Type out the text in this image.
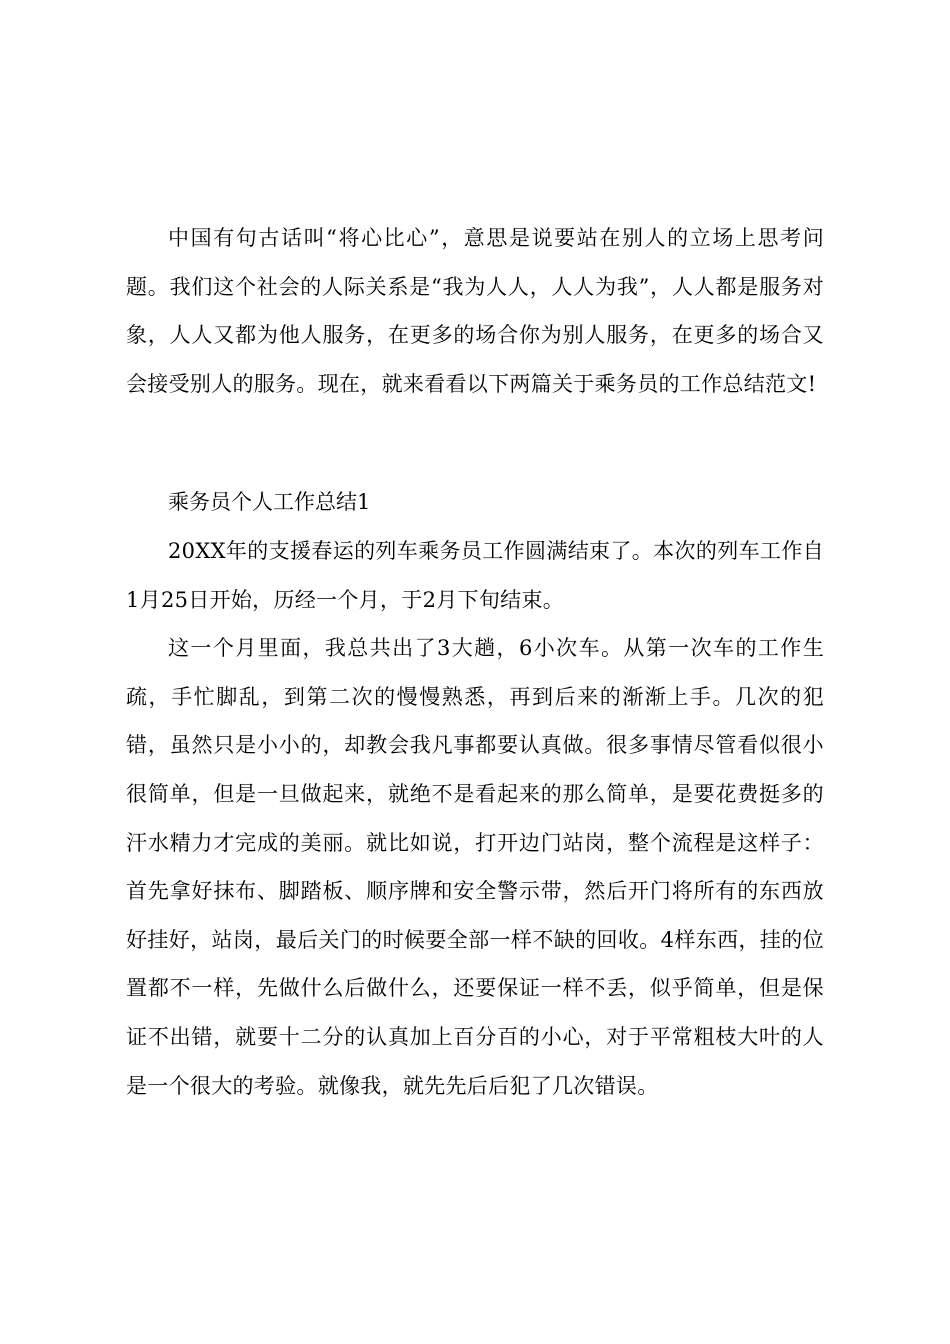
中国有句古话叫“将心比心”，意思是说要站在别人的立场上思考问题。我们这个社会的人际关系是“我为人人，人人为我”，人人都是服务对象，人人又都为他人服务，在更多的场合你为别人服务，在更多的场合又会接受别人的服务。现在，就来看看以下两篇关于乘务员的工作总结范文!

乘务员个人工作总结1

20XX年的支援春运的列车乘务员工作圆满结束了。本次的列车工作自1月25日开始，历经一个月，于2月下旬结束。

这一个月里面，我总共出了3大趟，6小次车。从第一次车的工作生疏，手忙脚乱，到第二次的慢慢熟悉，再到后来的渐渐上手。几次的犯错，虽然只是小小的，却教会我凡事都要认真做。很多事情尽管看似很小很简单，但是一旦做起来，就绝不是看起来的那么简单，是要花费挺多的汗水精力才完成的美丽。就比如说，打开边门站岗，整个流程是这样子：首先拿好抹布、脚踏板、顺序牌和安全警示带，然后开门将所有的东西放好挂好，站岗，最后关门的时候要全部一样不缺的回收。4样东西，挂的位置都不一样，先做什么后做什么，还要保证一样不丢，似乎简单，但是保证不出错，就要十二分的认真加上百分百的小心，对于平常粗枝大叶的人是一个很大的考验。就像我，就先先后后犯了几次错误。
